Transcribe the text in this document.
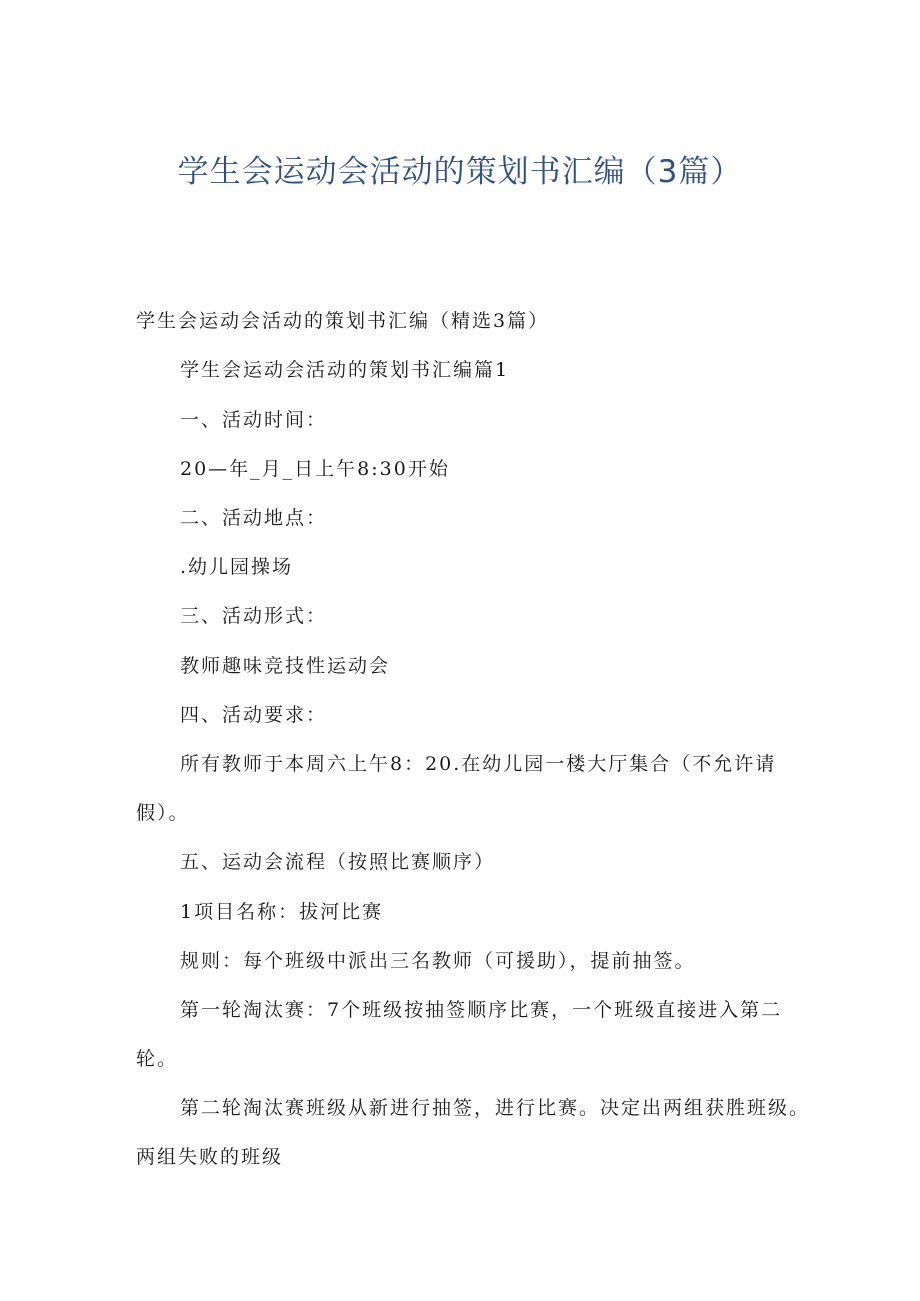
学生会运动会活动的策划书汇编（3篇）
学生会运动会活动的策划书汇编（精选3篇）
学生会运动会活动的策划书汇编篇1
一、活动时间：
20—年_月_日上午8:30开始
二、活动地点：
.幼儿园操场
三、活动形式：
教师趣味竞技性运动会
四、活动要求：
所有教师于本周六上午8：20.在幼儿园一楼大厅集合（不允许请
假）。
五、运动会流程（按照比赛顺序）
1项目名称：拔河比赛
规则：每个班级中派出三名教师（可援助），提前抽签。
第一轮淘汰赛：7个班级按抽签顺序比赛，一个班级直接进入第二
轮。
第二轮淘汰赛班级从新进行抽签，进行比赛。决定出两组获胜班级。
两组失败的班级
